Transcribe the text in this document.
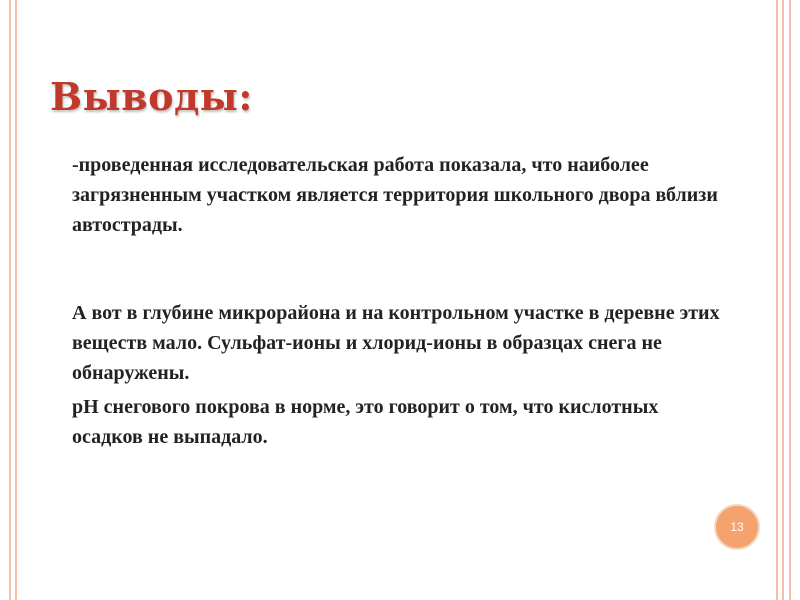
Выводы:

-проведенная исследовательская работа показала, что наиболее загрязненным участком является территория школьного двора вблизи автострады.

А вот в глубине микрорайона и на контрольном участке в деревне этих веществ мало. Сульфат-ионы и хлорид-ионы в образцах снега не обнаружены.

рН снегового покрова в норме, это говорит о том, что кислотных осадков не выпадало.

13
